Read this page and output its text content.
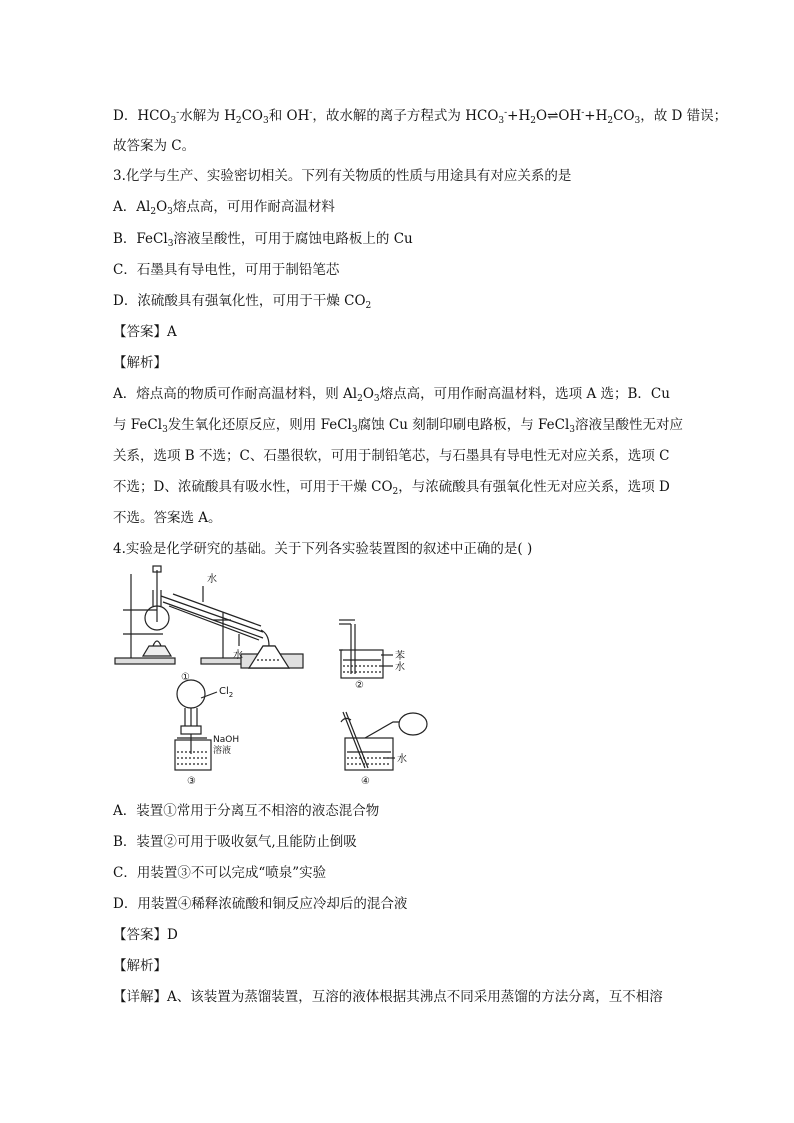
D．$HCO_3^-$水解为 $H_2CO_3$和 OH-，故水解的离子方程式为 $HCO_3^-+H_2O\rightleftharpoons OH^-+H_2CO_3$，故 D 错误；
故答案为 C。
3.化学与生产、实验密切相关。下列有关物质的性质与用途具有对应关系的是
A．$Al_2O_3$熔点高，可用作耐高温材料
B．FeCl$_3$溶液呈酸性，可用于腐蚀电路板上的 Cu
C．石墨具有导电性，可用于制铅笔芯
D．浓硫酸具有强氧化性，可用于干燥 $CO_2$
【答案】A
【解析】
A．熔点高的物质可作耐高温材料，则 $Al_2O_3$熔点高，可用作耐高温材料，选项 A 选；B．Cu
与 FeCl$_3$发生氧化还原反应，则用 FeCl$_3$腐蚀 Cu 刻制印刷电路板，与 FeCl$_3$溶液呈酸性无对应
关系，选项 B 不选；C、石墨很软，可用于制铅笔芯，与石墨具有导电性无对应关系，选项 C
不选；D、浓硫酸具有吸水性，可用于干燥 $CO_2$，与浓硫酸具有强氧化性无对应关系，选项 D
不选。答案选 A。
4.实验是化学研究的基础。关于下列各实验装置图的叙述中正确的是( )
水
水	苯
水
$Cl_2$
NaOH
溶液
水
①
②
③	④
A．装置①常用于分离互不相溶的液态混合物
B．装置②可用于吸收氨气,且能防止倒吸
C．用装置③不可以完成“喷泉”实验
D．用装置④稀释浓硫酸和铜反应冷却后的混合液
【答案】D
【解析】
【详解】A、该装置为蒸馏装置，互溶的液体根据其沸点不同采用蒸馏的方法分离，互不相溶
